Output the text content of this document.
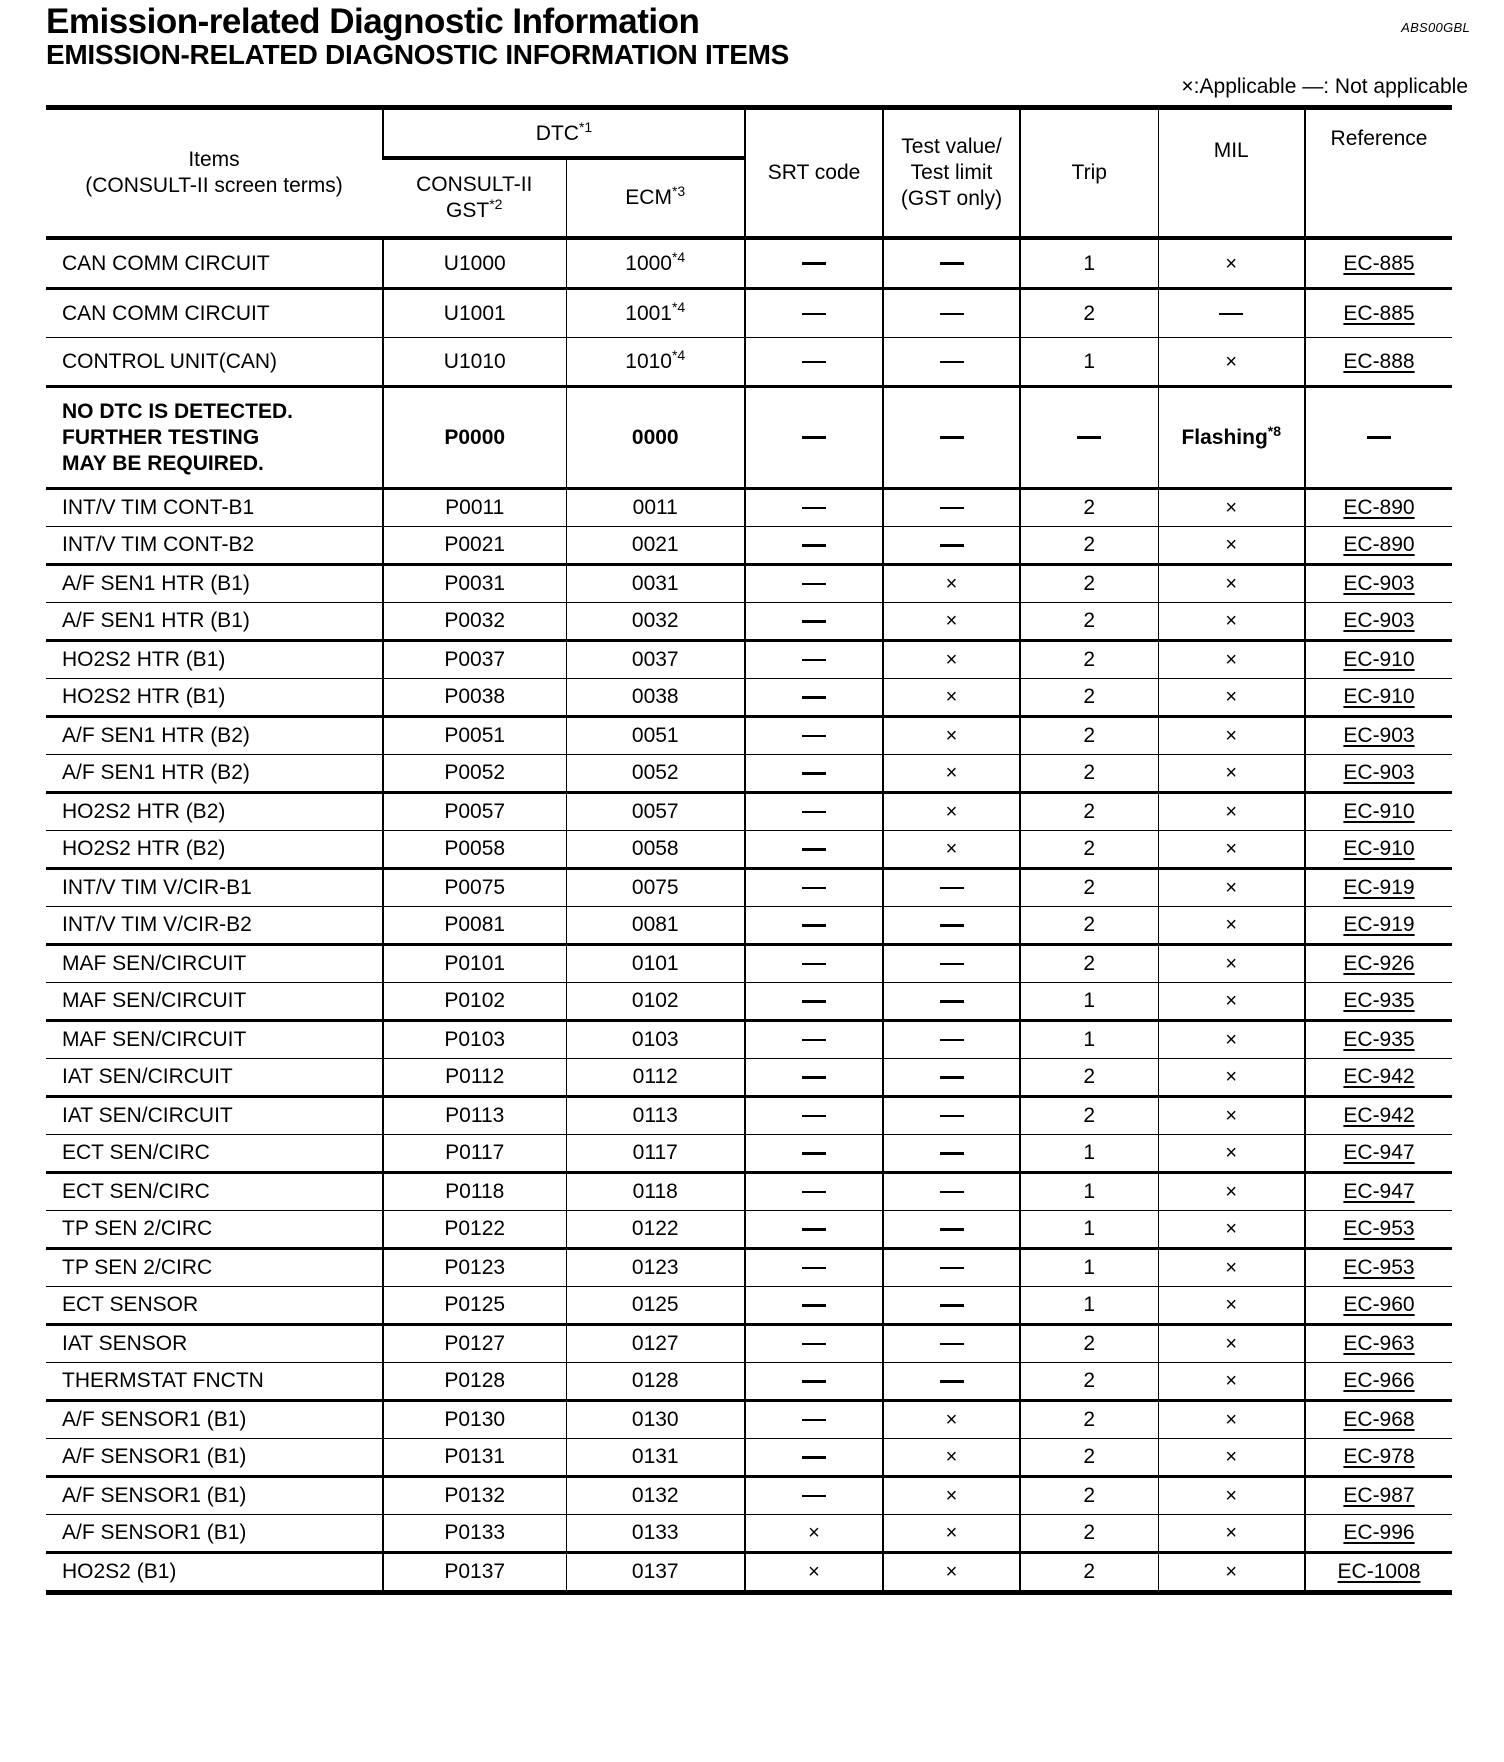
Emission-related Diagnostic Information
EMISSION-RELATED DIAGNOSTIC INFORMATION ITEMS
ABS00GBL
×:Applicable —: Not applicable
Items
(CONSULT-II screen terms)
	DTC$^{*1}$	SRT code	
Test value/
Test limit
(GST only)
	Trip	MIL	Reference

	CONSULT-II
GST$^{*2}$	ECM$^{*3}$
CAN COMM CIRCUIT	U1000	1000$^{*4}$			1	×	EC-885
CAN COMM CIRCUIT	U1001	1001$^{*4}$			2		EC-885
CONTROL UNIT(CAN)	U1010	1010$^{*4}$			1	×	EC-888

NO DTC IS DETECTED.
FURTHER TESTING
MAY BE REQUIRED.	P0000	0000				Flashing$^{*8}$	
INT/V TIM CONT-B1	P0011	0011			2	×	EC-890
INT/V TIM CONT-B2	P0021	0021			2	×	EC-890
A/F SEN1 HTR (B1)	P0031	0031		×	2	×	EC-903
A/F SEN1 HTR (B1)	P0032	0032		×	2	×	EC-903
HO2S2 HTR (B1)	P0037	0037		×	2	×	EC-910
HO2S2 HTR (B1)	P0038	0038		×	2	×	EC-910
A/F SEN1 HTR (B2)	P0051	0051		×	2	×	EC-903
A/F SEN1 HTR (B2)	P0052	0052		×	2	×	EC-903
HO2S2 HTR (B2)	P0057	0057		×	2	×	EC-910
HO2S2 HTR (B2)	P0058	0058		×	2	×	EC-910
INT/V TIM V/CIR-B1	P0075	0075			2	×	EC-919
INT/V TIM V/CIR-B2	P0081	0081			2	×	EC-919
MAF SEN/CIRCUIT	P0101	0101			2	×	EC-926
MAF SEN/CIRCUIT	P0102	0102			1	×	EC-935
MAF SEN/CIRCUIT	P0103	0103			1	×	EC-935
IAT SEN/CIRCUIT	P0112	0112			2	×	EC-942
IAT SEN/CIRCUIT	P0113	0113			2	×	EC-942
ECT SEN/CIRC	P0117	0117			1	×	EC-947
ECT SEN/CIRC	P0118	0118			1	×	EC-947
TP SEN 2/CIRC	P0122	0122			1	×	EC-953
TP SEN 2/CIRC	P0123	0123			1	×	EC-953
ECT SENSOR	P0125	0125			1	×	EC-960
IAT SENSOR	P0127	0127			2	×	EC-963
THERMSTAT FNCTN	P0128	0128			2	×	EC-966
A/F SENSOR1 (B1)	P0130	0130		×	2	×	EC-968
A/F SENSOR1 (B1)	P0131	0131		×	2	×	EC-978
A/F SENSOR1 (B1)	P0132	0132		×	2	×	EC-987
A/F SENSOR1 (B1)	P0133	0133	×	×	2	×	EC-996
HO2S2 (B1)	P0137	0137	×	×	2	×	EC-1008
